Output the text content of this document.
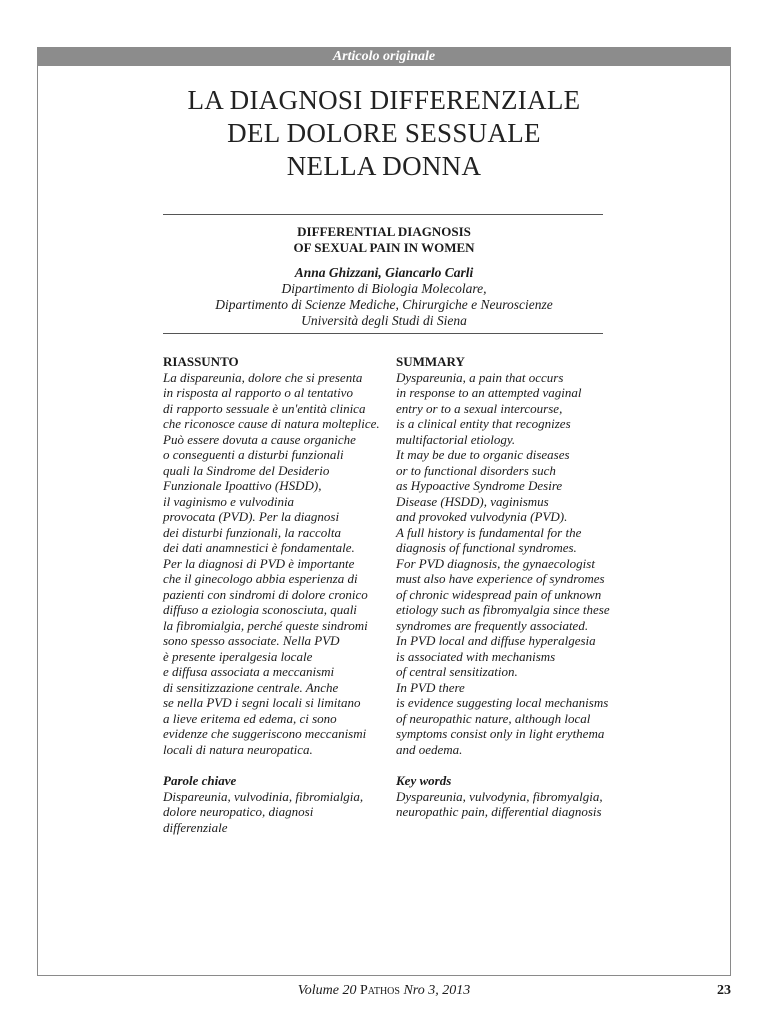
Articolo originale
LA DIAGNOSI DIFFERENZIALE
DEL DOLORE SESSUALE
NELLA DONNA
DIFFERENTIAL DIAGNOSIS
OF SEXUAL PAIN IN WOMEN
Anna Ghizzani, Giancarlo Carli
Dipartimento di Biologia Molecolare,
Dipartimento di Scienze Mediche, Chirurgiche e Neuroscienze
Università degli Studi di Siena
RIASSUNTO
La dispareunia, dolore che si presenta
in risposta al rapporto o al tentativo
di rapporto sessuale è un'entità clinica
che riconosce cause di natura molteplice.
Può essere dovuta a cause organiche
o conseguenti a disturbi funzionali
quali la Sindrome del Desiderio
Funzionale Ipoattivo (HSDD),
il vaginismo e vulvodinia
provocata (PVD). Per la diagnosi
dei disturbi funzionali, la raccolta
dei dati anamnestici è fondamentale.
Per la diagnosi di PVD è importante
che il ginecologo abbia esperienza di
pazienti con sindromi di dolore cronico
diffuso a eziologia sconosciuta, quali
la fibromialgia, perché queste sindromi
sono spesso associate. Nella PVD
è presente iperalgesia locale
e diffusa associata a meccanismi
di sensitizzazione centrale. Anche
se nella PVD i segni locali si limitano
a lieve eritema ed edema, ci sono
evidenze che suggeriscono meccanismi
locali di natura neuropatica.
Parole chiave
Dispareunia, vulvodinia, fibromialgia,
dolore neuropatico, diagnosi
differenziale
SUMMARY
Dyspareunia, a pain that occurs
in response to an attempted vaginal
entry or to a sexual intercourse,
is a clinical entity that recognizes
multifactorial etiology.
It may be due to organic diseases
or to functional disorders such
as Hypoactive Syndrome Desire
Disease (HSDD), vaginismus
and provoked vulvodynia (PVD).
A full history is fundamental for the
diagnosis of functional syndromes.
For PVD diagnosis, the gynaecologist
must also have experience of syndromes
of chronic widespread pain of unknown
etiology such as fibromyalgia since these
syndromes are frequently associated.
In PVD local and diffuse hyperalgesia
is associated with mechanisms
of central sensitization.
In PVD there
is evidence suggesting local mechanisms
of neuropathic nature, although local
symptoms consist only in light erythema
and oedema.
Key words
Dyspareunia, vulvodynia, fibromyalgia,
neuropathic pain, differential diagnosis
Volume 20 Pathos Nro 3, 2013	23
